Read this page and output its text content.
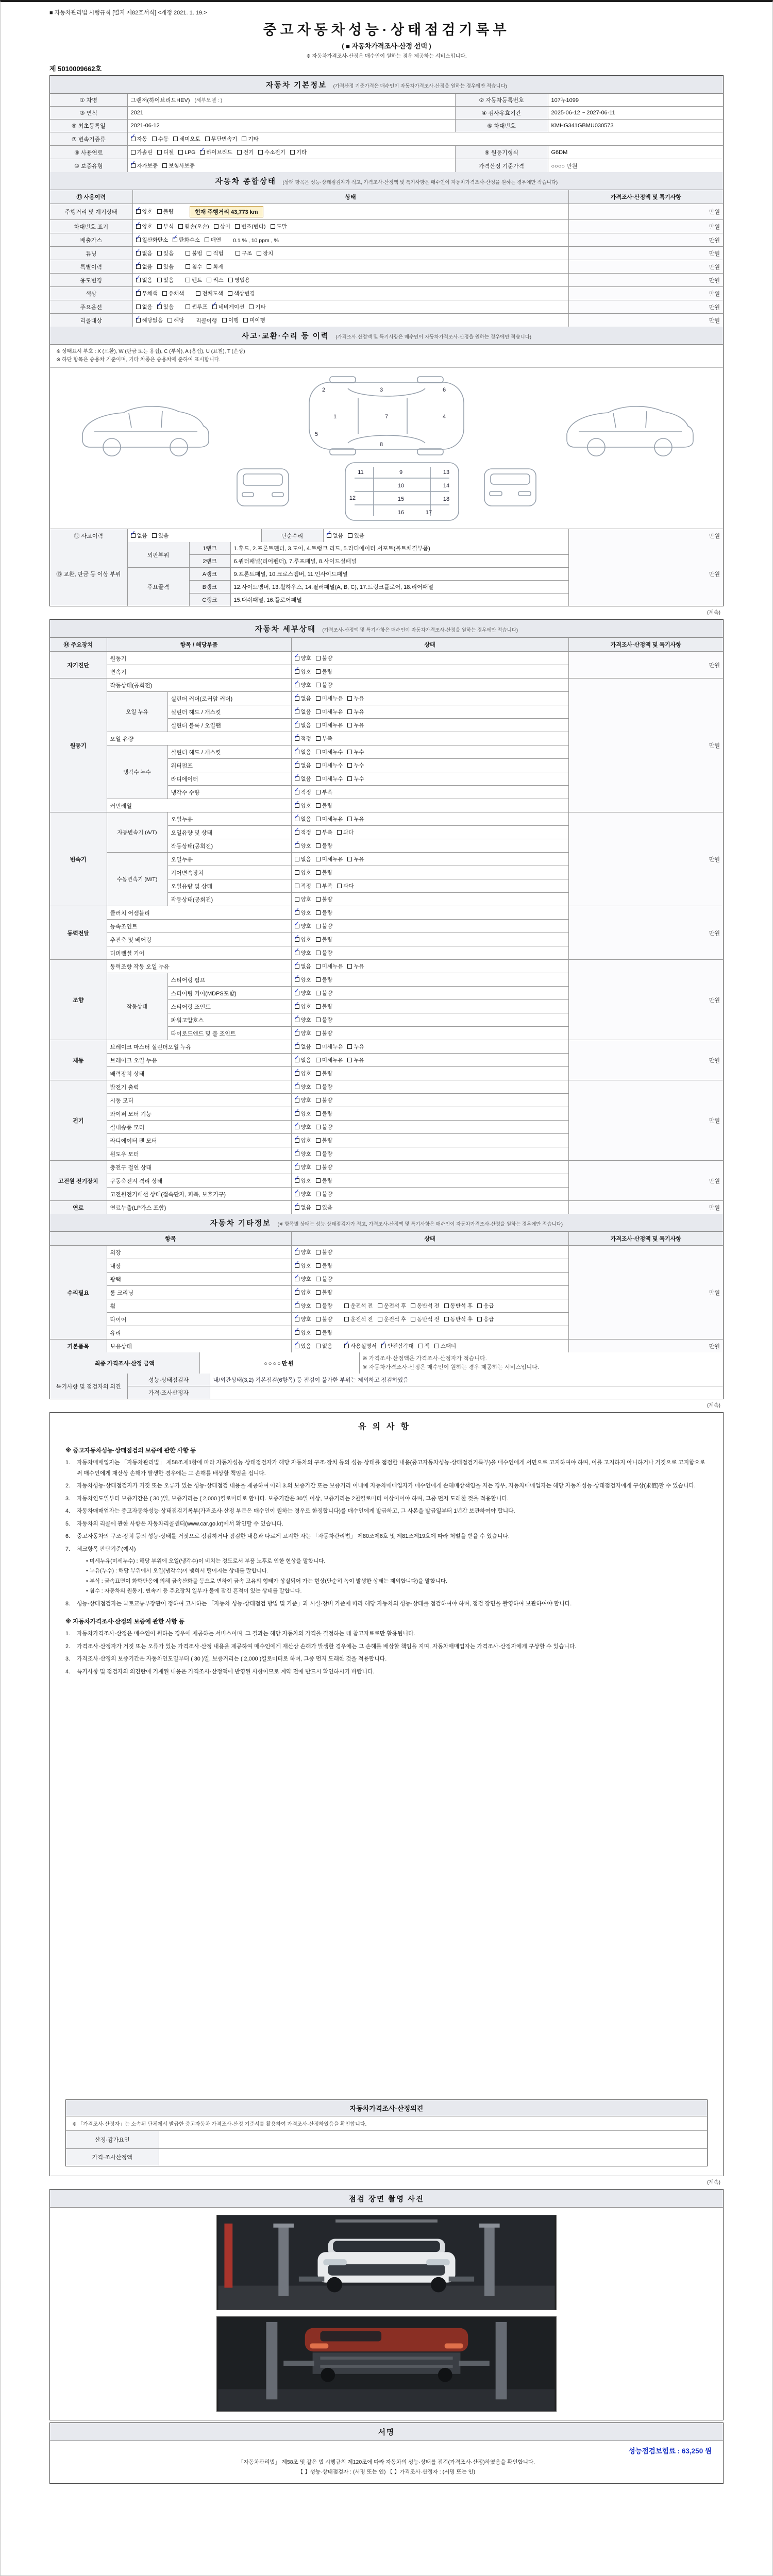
■ 자동차관리법 시행규칙 [별지 제82호서식] <개정 2021. 1. 19.>
중고자동차성능·상태점검기록부
( ■ 자동차가격조사·산정 선택 )
※ 자동차가격조사·산정은 매수인이 원하는 경우 제공하는 서비스입니다.
제 5010009662호
자동차 기본정보 (가격산정 기준가격은 매수인이 자동차가격조사·산정을 원하는 경우에만 적습니다)
① 차명	그랜저(하이브리드HEV) (세부모델 : )	② 자동차등록번호	107누1099
③ 연식	2021	④ 검사유효기간	2025-06-12 ~ 2027-06-11
⑤ 최초등록일	2021-06-12	⑥ 차대번호	KMHG341GBMU030573
⑦ 변속기종류	✓ 자동 수동 세미오토 무단변속기 기타

⑧ 사용연료	가솔린 디젤 LPG ✓ 하이브리드 전기 수소전기 기타	⑨ 원동기형식	G6DM
⑩ 보증유형	✓ 자가보증 보험사보증	가격산정 기준가격	○○○○ 만원
자동차 종합상태 (상태 항목은 성능·상태점검자가 적고, 가격조사·산정액 및 특기사항은 매수인이 자동차가격조사·산정을 원하는 경우에만 적습니다)
⑪ 사용이력	상태	가격조사·산정액 및 특기사항
주행거리 및 계기상태	✓ 양호 불량 현재 주행거리 43,773 km	만원
차대번호 표기	✓ 양호 부식 훼손(오손) 상이 변조(변타) 도말	만원
배출가스	✓ 일산화탄소 ✓ 탄화수소 매연 0.1 % , 10 ppm , %	만원
튜닝	✓ 없음 있음	불법 적법	구조 장치	만원
특별이력	✓ 없음 있음 침수 화재	만원
용도변경	✓ 없음 있음	렌트 리스 영업용	만원
색상	✓ 무채색 유채색 전체도색 색상변경	만원
주요옵션	없음 ✓ 있음	썬루프 ✓ 네비게이션 기타	만원
리콜대상	✓ 해당없음 해당 리콜이행 이행 미이행	만원
사고·교환·수리 등 이력 (가격조사·산정액 및 특기사항은 매수인이 자동차가격조사·산정을 원하는 경우에만 적습니다)
※ 상태표시 부호 : X (교환), W (판금 또는 용접), C (부식), A (흠집), U (요철), T (손상)
※ 하단 항목은 승용차 기준이며, 기타 차종은 승용차에 준하여 표시합니다.
1
2	3
4
5
6
7
8
9
10
11
12
13
14
15
16	17
18
⑫ 사고이력	✓ 없음 있음	단순수리	✓ 없음 있음	만원
⑬ 교환, 판금 등 이상 부위	외판부위	1랭크	1.후드, 2.프론트펜더, 3.도어, 4.트렁크 리드, 5.라디에이터 서포트(볼트체결부품)	만원
		2랭크	6.쿼터패널(리어펜더), 7.루프패널, 8.사이드실패널	
	주요골격	A랭크	9.프론트패널, 10.크로스멤버, 11.인사이드패널	
		B랭크	12.사이드멤버, 13.휠하우스, 14.필러패널(A, B, C), 17.트렁크플로어, 18.리어패널	
		C랭크	15.대쉬패널, 16.플로어패널	
(계속)
자동차 세부상태 (가격조사·산정액 및 특기사항은 매수인이 자동차가격조사·산정을 원하는 경우에만 적습니다)
⑭ 주요장치	항목 / 해당부품		상태	가격조사·산정액 및 특기사항
자기진단	원동기		✓ 양호 불량	만원
	변속기		✓ 양호 불량	

원동기	작동상태(공회전)		✓ 양호 불량	만원
	오일 누유	실린더 커버(로커암 커버)	✓ 없음 미세누유 누유	

		실린더 헤드 / 개스킷	✓ 없음 미세누유 누유	

		실린더 블록 / 오일팬	✓ 없음 미세누유 누유	

	오일 유량		✓ 적정 부족	

	냉각수 누수	실린더 헤드 / 개스킷	✓ 없음 미세누수 누수	

		워터펌프	✓ 없음 미세누수 누수	

		라디에이터	✓ 없음 미세누수 누수	

		냉각수 수량	✓ 적정 부족	

	커먼레일		✓ 양호 불량	

변속기	자동변속기 (A/T)	오일누유	✓ 없음 미세누유 누유	만원
		오일유량 및 상태	✓ 적정 부족 과다	

		작동상태(공회전)	✓ 양호 불량	

	수동변속기 (M/T)	오일누유	없음 미세누유 누유	

		기어변속장치	양호 불량	

		오일유량 및 상태	적정 부족 과다	

		작동상태(공회전)	양호 불량	

동력전달	클러치 어셈블리		✓ 양호 불량	만원
	등속조인트		✓ 양호 불량	

	추진축 및 베어링		✓ 양호 불량	

	디퍼렌셜 기어		✓ 양호 불량	

조향	동력조향 작동 오일 누유		✓ 없음 미세누유 누유	만원
	작동상태	스티어링 펌프	✓ 양호 불량	

		스티어링 기어(MDPS포함)	✓ 양호 불량	

		스티어링 조인트	✓ 양호 불량	

		파워고압호스	✓ 양호 불량	

		타이로드엔드 및 볼 조인트	✓ 양호 불량	

제동	브레이크 마스터 실린더오일 누유		✓ 없음 미세누유 누유	만원
	브레이크 오일 누유		✓ 없음 미세누유 누유	

	배력장치 상태		✓ 양호 불량	

전기	발전기 출력		✓ 양호 불량	만원
	시동 모터		✓ 양호 불량	

	와이퍼 모터 기능		✓ 양호 불량	

	실내송풍 모터		✓ 양호 불량	

	라디에이터 팬 모터		✓ 양호 불량	

	윈도우 모터		✓ 양호 불량	

고전원 전기장치	충전구 절연 상태		✓ 양호 불량	만원
	구동축전지 격리 상태		✓ 양호 불량	

	고전원전기배선 상태(접속단자, 피복, 보호기구)		✓ 양호 불량	

연료	연료누출(LP가스 포함)		✓ 없음 있음	만원
자동차 기타정보 (※ 항목별 상태는 성능·상태점검자가 적고, 가격조사·산정액 및 특기사항은 매수인이 자동차가격조사·산정을 원하는 경우에만 적습니다)
항목		상태	가격조사·산정액 및 특기사항
수리필요	외장	✓ 양호 불량	만원
	내장	✓ 양호 불량	

	광택	✓ 양호 불량	

	룸 크리닝	✓ 양호 불량	

휠	✓ 양호 불량	운전석 전 운전석 후 동반석 전 동반석 후 응급

타이어	✓ 양호 불량	운전석 전 운전석 후 동반석 전 동반석 후 응급

	유리	✓ 양호 불량	

기본품목	보유상태	✓ 있음 없음 ✓ 사용설명서 ✓ 안전삼각대 잭 스패너	만원
최종 가격조사·산정 금액	○○○○만원	
※ 가격조사·산정액은 가격조사·산정자가 적습니다.
※ 자동차가격조사·산정은 매수인이 원하는 경우 제공하는 서비스입니다.
특기사항 및 점검자의 의견	성능·상태점검자	내/외관상태(3,2) 기본점검(6항목) 등 점검이 불가한 부위는 제외하고 점검하였음
	가격·조사산정자	
(계속)
유의사항
※ 중고자동차성능·상태점검의 보증에 관한 사항 등
1.	자동차매매업자는 「자동차관리법」 제58조제1항에 따라 자동차성능·상태점검자가 해당 자동차의 구조·장치 등의 성능·상태를 점검한 내용(중고자동차성능·상태점검기록부)을 매수인에게 서면으로 고지하여야 하며, 이를 고지하지 아니하거나 거짓으로 고지함으로써 매수인에게 재산상 손해가 발생한 경우에는 그 손해를 배상할 책임을 집니다.
2.	자동차성능·상태점검자가 거짓 또는 오류가 있는 성능·상태점검 내용을 제공하여 아래 3.의 보증기간 또는 보증거리 이내에 자동차매매업자가 매수인에게 손해배상책임을 지는 경우, 자동차매매업자는 해당 자동차성능·상태점검자에게 구상(求償)할 수 있습니다.
3.	자동차인도일부터 보증기간은 ( 30 )일, 보증거리는 ( 2,000 )킬로미터로 합니다. 보증기간은 30일 이상, 보증거리는 2천킬로미터 이상이어야 하며, 그중 먼저 도래한 것을 적용합니다.
4.	자동차매매업자는 중고자동차성능·상태점검기록부(가격조사·산정 부분은 매수인이 원하는 경우로 한정합니다)를 매수인에게 발급하고, 그 사본을 발급일부터 1년간 보관하여야 합니다.
5.	자동차의 리콜에 관한 사항은 자동차리콜센터(www.car.go.kr)에서 확인할 수 있습니다.
6.	중고자동차의 구조·장치 등의 성능·상태를 거짓으로 점검하거나 점검한 내용과 다르게 고지한 자는 「자동차관리법」 제80조제6호 및 제81조제19호에 따라 처벌을 받을 수 있습니다.
7.	체크항목 판단기준(예시)
• 미세누유(미세누수) : 해당 부위에 오일(냉각수)이 비치는 정도로서 부품 노후로 인한 현상을 말합니다.
• 누유(누수) : 해당 부위에서 오일(냉각수)이 맺혀서 떨어지는 상태를 말합니다.
• 부식 : 금속표면이 화학반응에 의해 금속산화물 등으로 변하여 금속 고유의 형태가 상실되어 가는 현상(단순히 녹이 발생한 상태는 제외합니다)을 말합니다.
• 침수 : 자동차의 원동기, 변속기 등 주요장치 일부가 물에 잠긴 흔적이 있는 상태를 말합니다.
8.	성능·상태점검자는 국토교통부장관이 정하여 고시하는 「자동차 성능·상태점검 방법 및 기준」과 시설·장비 기준에 따라 해당 자동차의 성능·상태를 점검하여야 하며, 점검 장면을 촬영하여 보관하여야 합니다.
※ 자동차가격조사·산정의 보증에 관한 사항 등
1.	자동차가격조사·산정은 매수인이 원하는 경우에 제공하는 서비스이며, 그 결과는 해당 자동차의 가격을 결정하는 데 참고자료로만 활용됩니다.
2.	가격조사·산정자가 거짓 또는 오류가 있는 가격조사·산정 내용을 제공하여 매수인에게 재산상 손해가 발생한 경우에는 그 손해를 배상할 책임을 지며, 자동차매매업자는 가격조사·산정자에게 구상할 수 있습니다.
3.	가격조사·산정의 보증기간은 자동차인도일부터 ( 30 )일, 보증거리는 ( 2,000 )킬로미터로 하며, 그중 먼저 도래한 것을 적용합니다.
4.	특기사항 및 점검자의 의견란에 기재된 내용은 가격조사·산정액에 반영된 사항이므로 계약 전에 반드시 확인하시기 바랍니다.
자동차가격조사·산정의견
※ 「가격조사·산정자」는 소속된 단체에서 발급한 중고자동차 가격조사·산정 기준서를 활용하여 가격조사·산정하였음을 확인합니다.
산정·감가요인	
가격·조사산정액	
(계속)
점검 장면 촬영 사진
서명
성능점검보험료 : 63,250 원
「자동차관리법」 제58조 및 같은 법 시행규칙 제120조에 따라 자동차의 성능·상태를 점검(가격조사·산정)하였음을 확인합니다.
【 】성능·상태점검자 : (서명 또는 인) 【 】가격조사·산정자 : (서명 또는 인)
